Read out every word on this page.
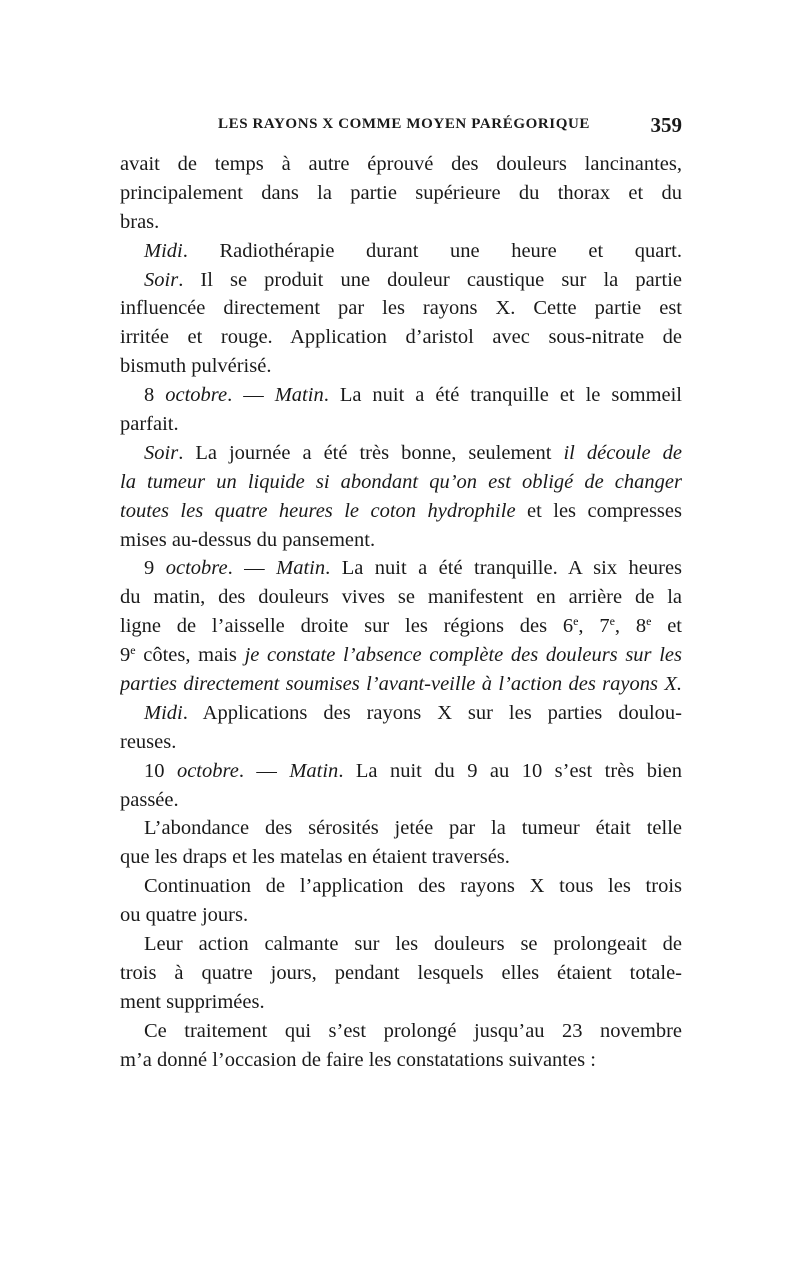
LES RAYONS X COMME MOYEN PARÉGORIQUE	359
avait de temps à autre éprouvé des douleurs lancinantes,
principalement dans la partie supérieure du thorax et du
bras.
Midi. Radiothérapie durant une heure et quart.
Soir. Il se produit une douleur caustique sur la partie
influencée directement par les rayons X. Cette partie est
irritée et rouge. Application d’aristol avec sous-nitrate de
bismuth pulvérisé.
8 octobre. — Matin. La nuit a été tranquille et le sommeil
parfait.
Soir. La journée a été très bonne, seulement il découle de
la tumeur un liquide si abondant qu’on est obligé de changer
toutes les quatre heures le coton hydrophile et les compresses
mises au-dessus du pansement.
9 octobre. — Matin. La nuit a été tranquille. A six heures
du matin, des douleurs vives se manifestent en arrière de la
ligne de l’aisselle droite sur les régions des 6e, 7e, 8e et
9e côtes, mais je constate l’absence complète des douleurs sur les
parties directement soumises l’avant-veille à l’action des rayons X.
Midi. Applications des rayons X sur les parties doulou-
reuses.
10 octobre. — Matin. La nuit du 9 au 10 s’est très bien
passée.
L’abondance des sérosités jetée par la tumeur était telle
que les draps et les matelas en étaient traversés.
Continuation de l’application des rayons X tous les trois
ou quatre jours.
Leur action calmante sur les douleurs se prolongeait de
trois à quatre jours, pendant lesquels elles étaient totale-
ment supprimées.
Ce traitement qui s’est prolongé jusqu’au 23 novembre
m’a donné l’occasion de faire les constatations suivantes :
